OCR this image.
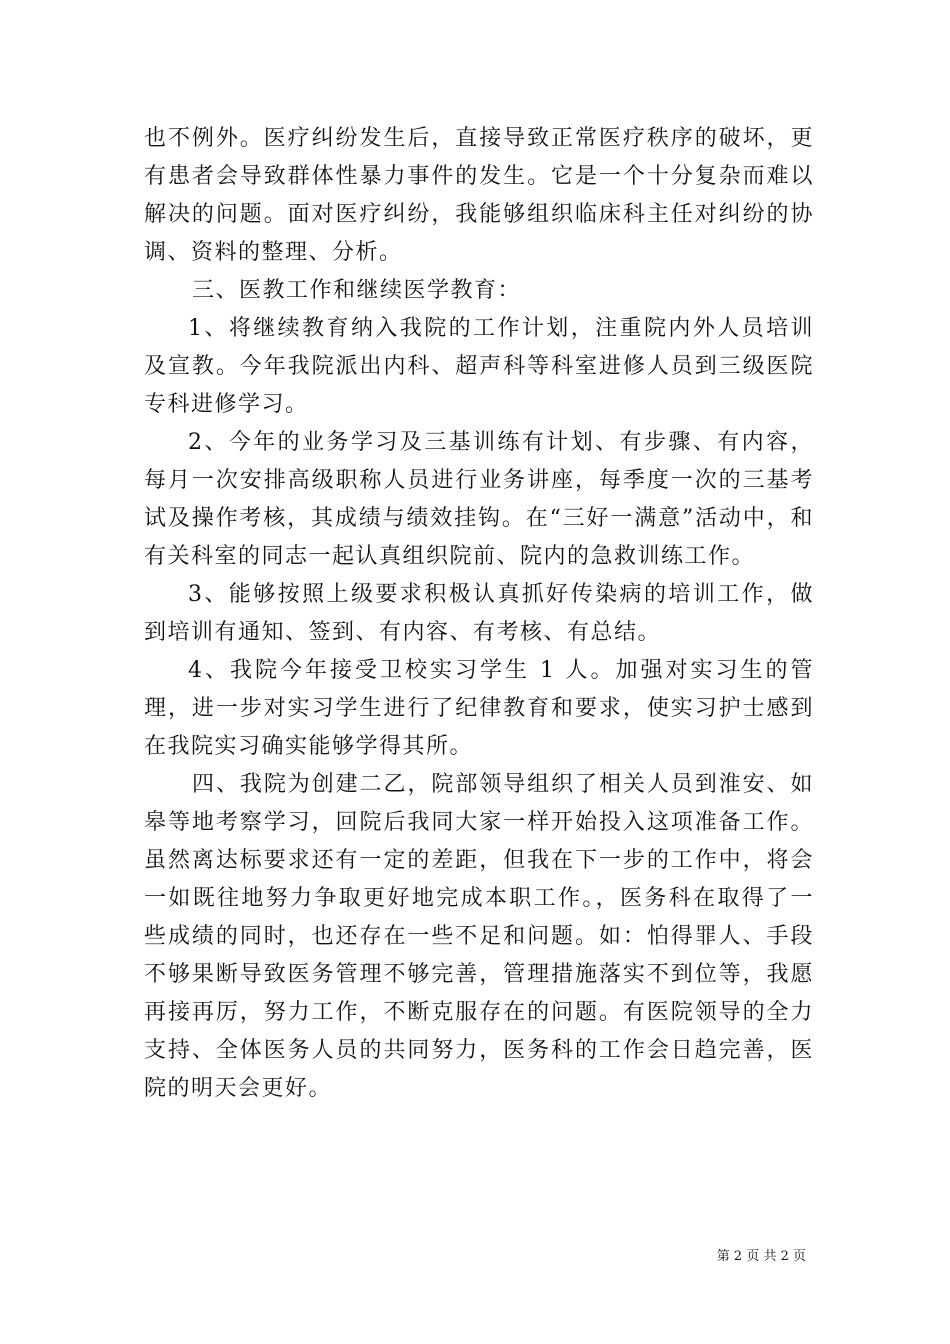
也不例外。医疗纠纷发生后，直接导致正常医疗秩序的破坏，更有患者会导致群体性暴力事件的发生。它是一个十分复杂而难以解决的问题。面对医疗纠纷，我能够组织临床科主任对纠纷的协调、资料的整理、分析。

三、医教工作和继续医学教育：

1、将继续教育纳入我院的工作计划，注重院内外人员培训及宣教。今年我院派出内科、超声科等科室进修人员到三级医院专科进修学习。

2、今年的业务学习及三基训练有计划、有步骤、有内容，每月一次安排高级职称人员进行业务讲座，每季度一次的三基考试及操作考核，其成绩与绩效挂钩。在“三好一满意”活动中，和有关科室的同志一起认真组织院前、院内的急救训练工作。

3、能够按照上级要求积极认真抓好传染病的培训工作，做到培训有通知、签到、有内容、有考核、有总结。

4、我院今年接受卫校实习学生 1 人。加强对实习生的管理，进一步对实习学生进行了纪律教育和要求，使实习护士感到在我院实习确实能够学得其所。

四、我院为创建二乙，院部领导组织了相关人员到淮安、如皋等地考察学习，回院后我同大家一样开始投入这项准备工作。虽然离达标要求还有一定的差距，但我在下一步的工作中，将会一如既往地努力争取更好地完成本职工作。，医务科在取得了一些成绩的同时，也还存在一些不足和问题。如：怕得罪人、手段不够果断导致医务管理不够完善，管理措施落实不到位等，我愿再接再厉，努力工作，不断克服存在的问题。有医院领导的全力支持、全体医务人员的共同努力，医务科的工作会日趋完善，医院的明天会更好。

第 2 页 共 2 页
